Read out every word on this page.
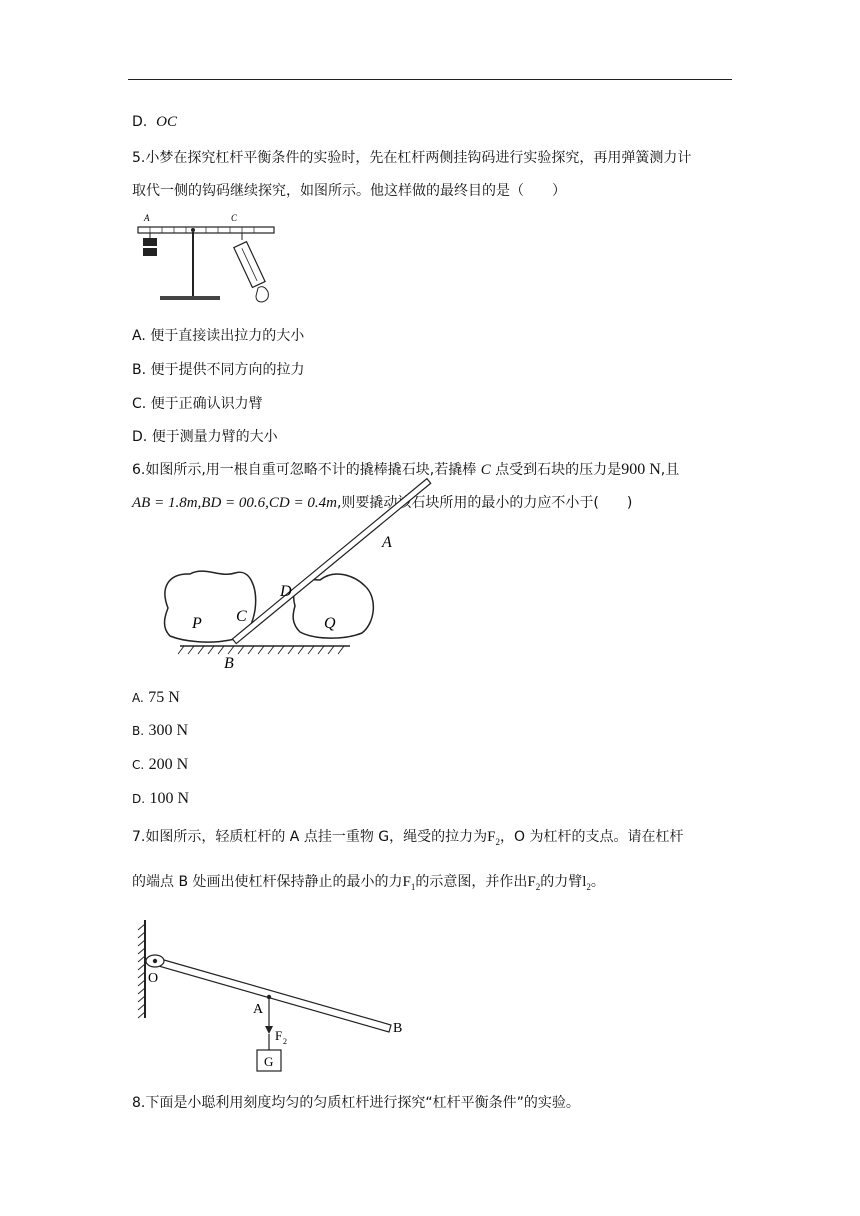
D. OC
5.小梦在探究杠杆平衡条件的实验时，先在杠杆两侧挂钩码进行实验探究，再用弹簧测力计
取代一侧的钩码继续探究，如图所示。他这样做的最终目的是（　　）
A	C
A. 便于直接读出拉力的大小
B. 便于提供不同方向的拉力
C. 便于正确认识力臂
D. 便于测量力臂的大小
6.如图所示,用一根自重可忽略不计的撬棒撬石块,若撬棒 C 点受到石块的压力是900 N,且
AB = 1.8m,BD = 00.6,CD = 0.4m,则要撬动该石块所用的最小的力应不小于(　　)
A
D
C
P	Q
B
A. 75 N
B. 300 N
C. 200 N
D. 100 N
7.如图所示，轻质杠杆的 A 点挂一重物 G，绳受的拉力为$F_2$，O 为杠杆的支点。请在杠杆
的端点 B 处画出使杠杆保持静止的最小的力$F_1$的示意图，并作出$F_2$的力臂$l_2$。
O
A
B
F 2
G
8.下面是小聪利用刻度均匀的匀质杠杆进行探究“杠杆平衡条件”的实验。
